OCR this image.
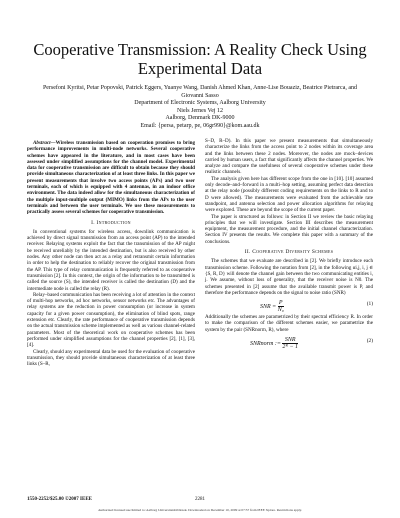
Cooperative Transmission: A Reality Check Using Experimental Data
Persefoni Kyritsi, Petar Popovski, Patrick Eggers, Yuanye Wang, Danish Ahmed Khan, Anne-Lise Bouaziz, Beatrice Pietrarca, and Giovanni Sasso
Department of Electronic Systems, Aalborg University
Niels Jernes Vej 12
Aalborg, Denmark DK-9000
Email: {persa, petarp, pe, 06gr990}@kom.aau.dk

Abstract—Wireless transmission based on cooperation promises to bring performance improvements in multi-node networks. Several cooperative schemes have appeared in the literature, and in most cases have been assessed under simplified assumptions for the channel model. Experimental data for cooperative transmission are difficult to obtain because they should provide simultaneous characterization of at least three links. In this paper we present measurements that involve two access points (APs) and two user terminals, each of which is equipped with 4 antennas, in an indoor office environment. The data indeed allow for the simultaneous characterization of the multiple input-multiple output (MIMO) links from the APs to the user terminals and between the user terminals. We use these measurements to practically assess several schemes for cooperative transmission.

I. Introduction

In conventional systems for wireless access, downlink communication is achieved by direct signal transmission from an access point (AP) to the intended receiver. Relaying systems exploit the fact that the transmission of the AP might be received unreliably by the intended destination, but is also received by other nodes. Any other node can then act as a relay and retransmit certain information in order to help the destination to reliably recover the original transmission from the AP. This type of relay communication is frequently referred to as cooperative transmission [2]. In this context, the origin of the information to be transmitted is called the source (S), the intended receiver is called the destination (D) and the intermediate node is called the relay (R).

Relay–based communication has been receiving a lot of attention in the context of multi-hop networks, ad hoc networks, sensor networks etc. The advantages of relay systems are the reduction in power consumption (or increase in system capacity for a given power consumption), the elimination of blind spots, range extension etc. Clearly, the rate performance of cooperative transmission depends on the actual transmission scheme implemented as well as various channel-related parameters. Most of the theoretical work on cooperative schemes has been performed under simplified assumptions for the channel properties [2], [1], [3], [4].

Clearly, should any experimental data be used for the evaluation of cooperative transmission, they should provide simultaneous characterization of at least three links (S–R,

S–D, R–D). In this paper we present measurements that simultaneously characterize the links from the access point to 2 nodes within its coverage area and the links between these 2 nodes. Moreover, the nodes are mock–devices carried by human users, a fact that significantly affects the channel properties. We analyze and compare the usefulness of several cooperative schemes under these realistic channels.

The analysis given here has different scope from the one in [10]. [10] assumed only decode–and–forward in a multi–hop setting, assuming perfect data detection at the relay node (possibly different coding requirements on the links to R and to D were allowed). The measurements were evaluated from the achievable rate standpoint, and antenna selection and power allocation algorithms for relaying were explored. These are beyond the scope of the current paper.

The paper is structured as follows: in Section II we review the basic relaying principles that we will investigate. Section III describes the measurement equipment, the measurement procedure, and the initial channel characterization. Section IV presents the results. We complete this paper with a summary of the conclusions.

II. Cooperative Diversity Schemes

The schemes that we evaluate are described in [2]. We briefly introduce each transmission scheme. Following the notation from [2], in the following αi,j, i, j ∈ {S, R, D} will denote the channel gain between the two communicating entities i, j. We assume, without loss of generality, that the receiver noise is N0. The schemes presented in [2] assume that the available transmit power is P, and therefore the performance depends on the signal to noise ratio (SNR)

SNR = $\frac{P}{\text{N₀}}$	(1)

Additionally the schemes are parametrized by their spectral efficiency R. In order to make the comparison of the different schemes easier, we parametrize the system by the pair (SNRnorm, R), where

SNRnorm := $\frac{\text{SNR}}{\text{2ᴿ − 1}}$	(2)
1550-2252/$25.00 ©2007 IEEE	2281
Authorized licensed use limited to: Aalborg Universitetsbibliotek. Downloaded on December 10, 2009 at 07:57 from IEEE Xplore. Restrictions apply.
